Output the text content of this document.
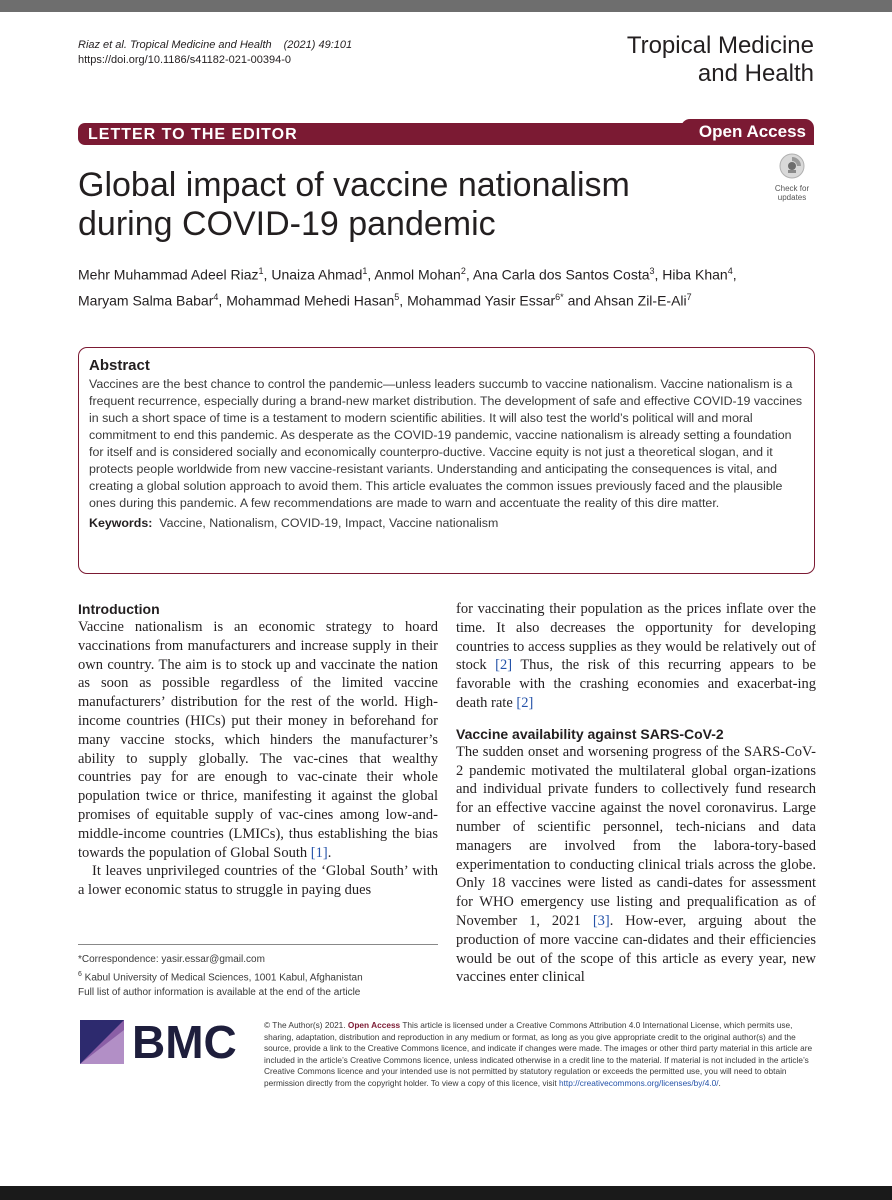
Riaz et al. Tropical Medicine and Health (2021) 49:101
https://doi.org/10.1186/s41182-021-00394-0
Tropical Medicine
and Health
LETTER TO THE EDITOR	Open Access
Check for
updates
Global impact of vaccine nationalism
during COVID-19 pandemic
Mehr Muhammad Adeel Riaz$^1$, Unaiza Ahmad$^1$, Anmol Mohan$^2$, Ana Carla dos Santos Costa$^3$, Hiba Khan$^4$,
Maryam Salma Babar$^4$, Mohammad Mehedi Hasan$^5$, Mohammad Yasir Essar$^{6*}$ and Ahsan Zil-E-Ali$^7$
Abstract

Vaccines are the best chance to control the pandemic—unless leaders succumb to vaccine nationalism. Vaccine nationalism is a frequent recurrence, especially during a brand-new market distribution. The development of safe and effective COVID-19 vaccines in such a short space of time is a testament to modern scientific abilities. It will also test the world’s political will and moral commitment to end this pandemic. As desperate as the COVID-19 pandemic, vaccine nationalism is already setting a foundation for itself and is considered socially and economically counterpro-ductive. Vaccine equity is not just a theoretical slogan, and it protects people worldwide from new vaccine-resistant variants. Understanding and anticipating the consequences is vital, and creating a global solution approach to avoid them. This article evaluates the common issues previously faced and the plausible ones during this pandemic. A few recommendations are made to warn and accentuate the reality of this dire matter.

Keywords: Vaccine, Nationalism, COVID-19, Impact, Vaccine nationalism
Introduction

Vaccine nationalism is an economic strategy to hoard vaccinations from manufacturers and increase supply in their own country. The aim is to stock up and vaccinate the nation as soon as possible regardless of the limited vaccine manufacturers’ distribution for the rest of the world. High-income countries (HICs) put their money in beforehand for many vaccine stocks, which hinders the manufacturer’s ability to supply globally. The vac-cines that wealthy countries pay for are enough to vac-cinate their whole population twice or thrice, manifesting it against the global promises of equitable supply of vac-cines among low-and-middle-income countries (LMICs), thus establishing the bias towards the population of Global South [1].

It leaves unprivileged countries of the ‘Global South’ with a lower economic status to struggle in paying dues

for vaccinating their population as the prices inflate over the time. It also decreases the opportunity for developing countries to access supplies as they would be relatively out of stock [2] Thus, the risk of this recurring appears to be favorable with the crashing economies and exacerbat-ing death rate [2]

Vaccine availability against SARS-CoV-2

The sudden onset and worsening progress of the SARS-CoV-2 pandemic motivated the multilateral global organ-izations and individual private funders to collectively fund research for an effective vaccine against the novel coronavirus. Large number of scientific personnel, tech-nicians and data managers are involved from the labora-tory-based experimentation to conducting clinical trials across the globe. Only 18 vaccines were listed as candi-dates for assessment for WHO emergency use listing and prequalification as of November 1, 2021 [3]. How-ever, arguing about the production of more vaccine can-didates and their efficiencies would be out of the scope of this article as every year, new vaccines enter clinical

*Correspondence: yasir.essar@gmail.com
$^6$ Kabul University of Medical Sciences, 1001 Kabul, Afghanistan
Full list of author information is available at the end of the article
BMC	© The Author(s) 2021. Open Access This article is licensed under a Creative Commons Attribution 4.0 International License, which permits use, sharing, adaptation, distribution and reproduction in any medium or format, as long as you give appropriate credit to the original author(s) and the source, provide a link to the Creative Commons licence, and indicate if changes were made. The images or other third party material in this article are included in the article’s Creative Commons licence, unless indicated otherwise in a credit line to the material. If material is not included in the article’s Creative Commons licence and your intended use is not permitted by statutory regulation or exceeds the permitted use, you will need to obtain permission directly from the copyright holder. To view a copy of this licence, visit http://creativecommons.org/licenses/by/4.0/.
